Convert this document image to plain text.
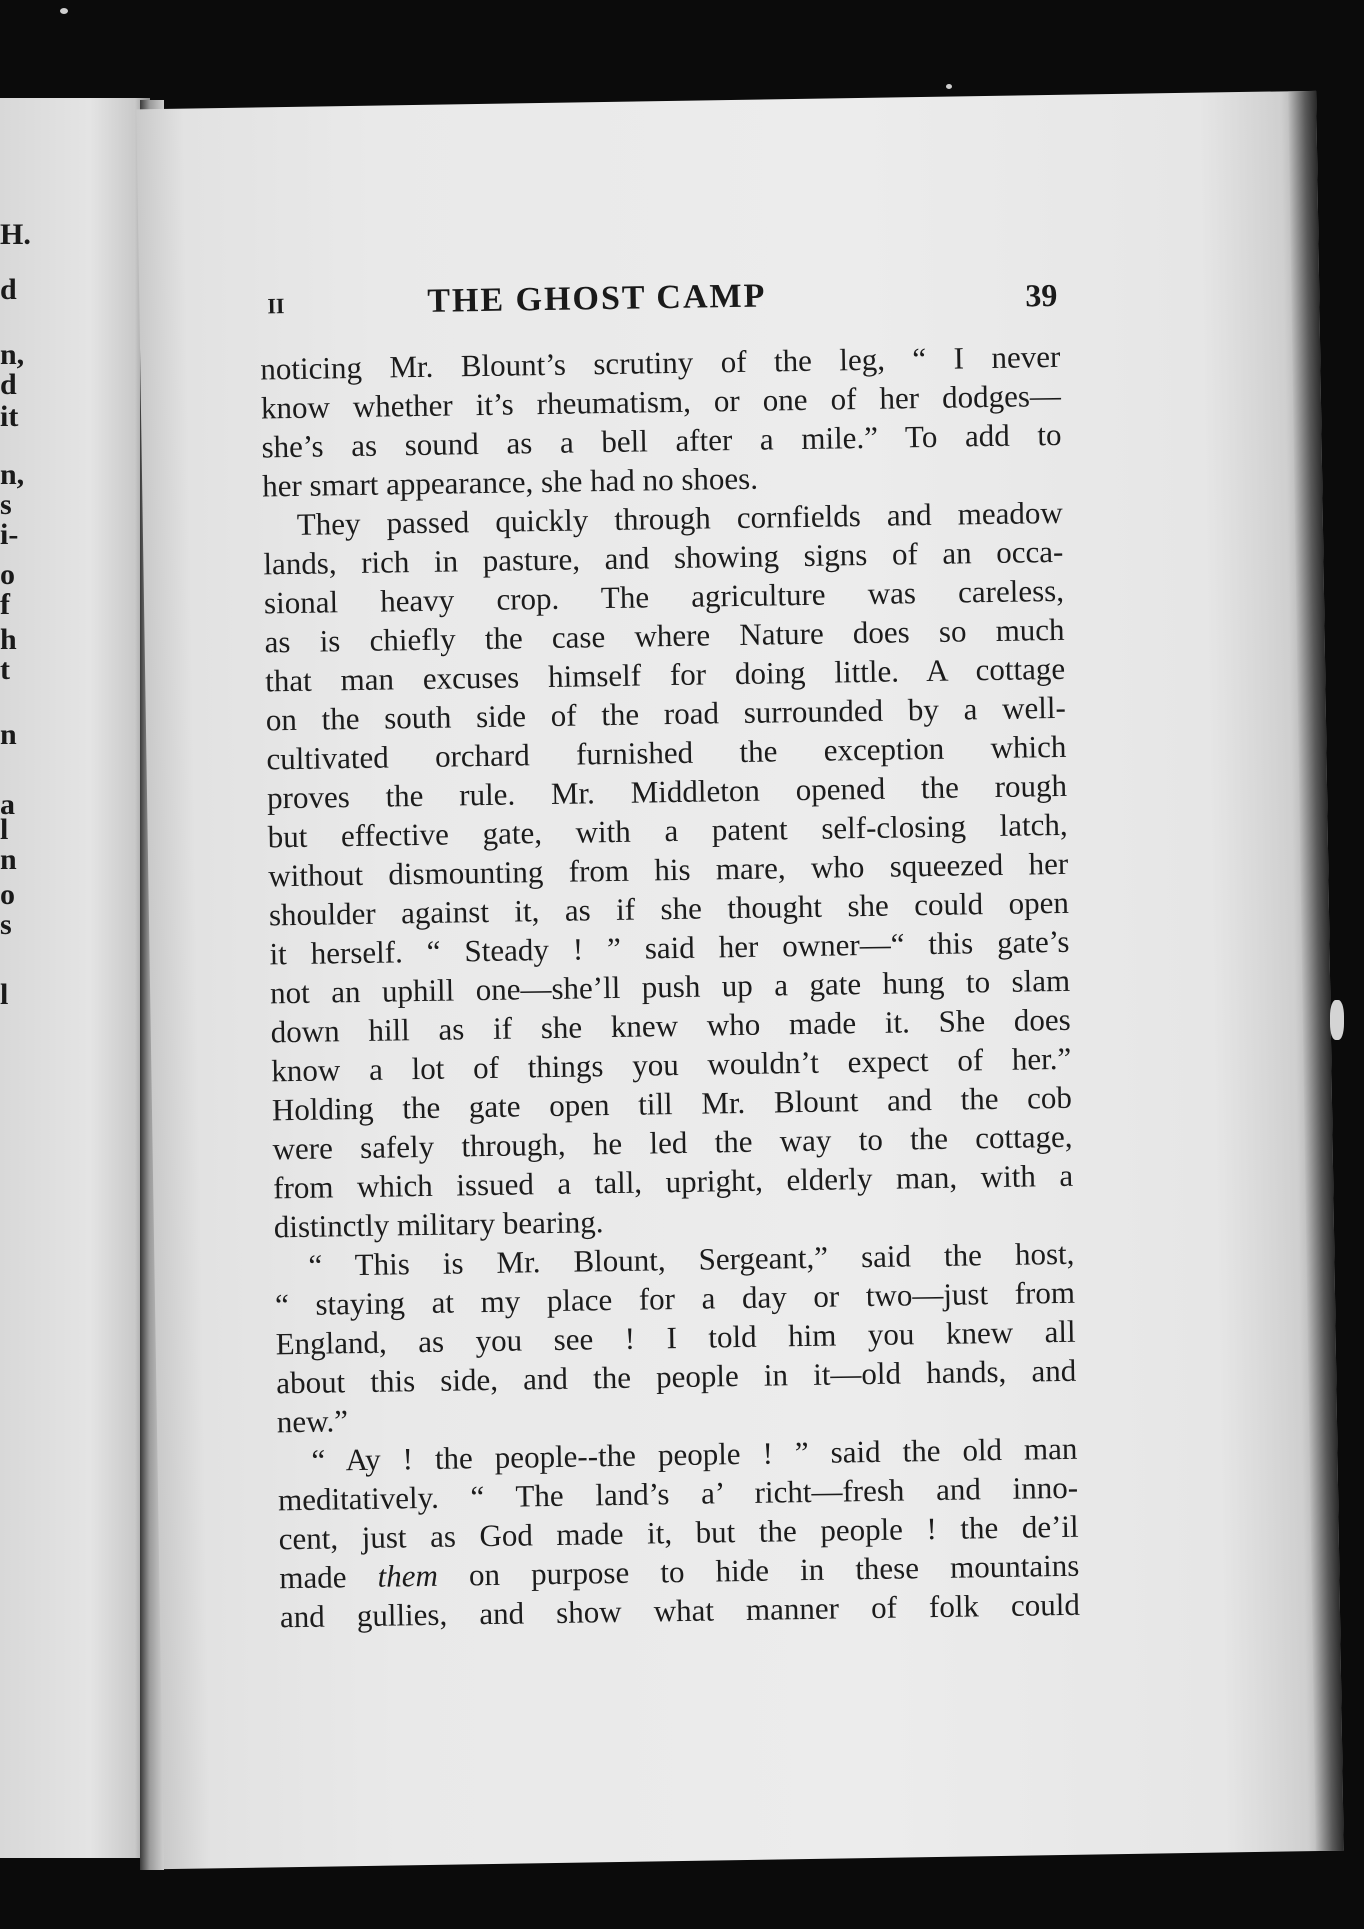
H.
d
n,
d
it
n,
s
i-
o
f
h
t
n
a
l
n
o
s
l
II	THE GHOST CAMP	39
noticing Mr. Blount’s scrutiny of the leg, “ I never
know whether it’s rheumatism, or one of her dodges—
she’s as sound as a bell after a mile.” To add to
her smart appearance, she had no shoes.
They passed quickly through cornfields and meadow
lands, rich in pasture, and showing signs of an occa-
sional heavy crop. The agriculture was careless,
as is chiefly the case where Nature does so much
that man excuses himself for doing little. A cottage
on the south side of the road surrounded by a well-
cultivated orchard furnished the exception which
proves the rule. Mr. Middleton opened the rough
but effective gate, with a patent self-closing latch,
without dismounting from his mare, who squeezed her
shoulder against it, as if she thought she could open
it herself. “ Steady ! ” said her owner—“ this gate’s
not an uphill one—she’ll push up a gate hung to slam
down hill as if she knew who made it. She does
know a lot of things you wouldn’t expect of her.”
Holding the gate open till Mr. Blount and the cob
were safely through, he led the way to the cottage,
from which issued a tall, upright, elderly man, with a
distinctly military bearing.
“ This is Mr. Blount, Sergeant,” said the host,
“ staying at my place for a day or two—just from
England, as you see ! I told him you knew all
about this side, and the people in it—old hands, and
new.”
“ Ay ! the people--the people ! ” said the old man
meditatively. “ The land’s a’ richt—fresh and inno-
cent, just as God made it, but the people ! the de’il
made them on purpose to hide in these mountains
and gullies, and show what manner of folk could
